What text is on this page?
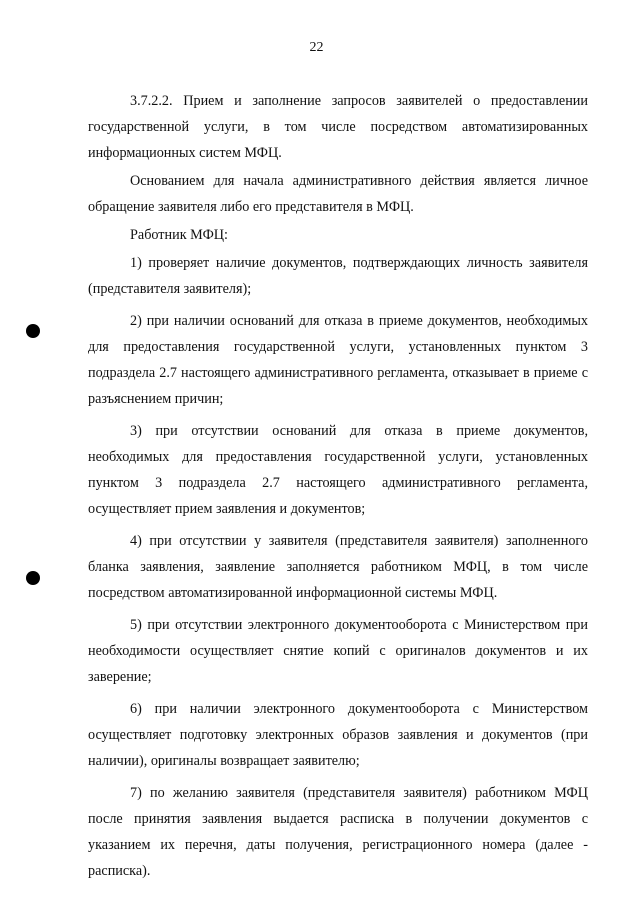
22

3.7.2.2. Прием и заполнение запросов заявителей о предоставлении государственной услуги, в том числе посредством автоматизированных информационных систем МФЦ.

Основанием для начала административного действия является личное обращение заявителя либо его представителя в МФЦ.

Работник МФЦ:

1) проверяет наличие документов, подтверждающих личность заявителя (представителя заявителя);

2) при наличии оснований для отказа в приеме документов, необходимых для предоставления государственной услуги, установленных пунктом 3 подраздела 2.7 настоящего административного регламента, отказывает в приеме с разъяснением причин;

3) при отсутствии оснований для отказа в приеме документов, необходимых для предоставления государственной услуги, установленных пунктом 3 подраздела 2.7 настоящего административного регламента, осуществляет прием заявления и документов;

4) при отсутствии у заявителя (представителя заявителя) заполненного бланка заявления, заявление заполняется работником МФЦ, в том числе посредством автоматизированной информационной системы МФЦ.

5) при отсутствии электронного документооборота с Министерством при необходимости осуществляет снятие копий с оригиналов документов и их заверение;

6) при наличии электронного документооборота с Министерством осуществляет подготовку электронных образов заявления и документов (при наличии), оригиналы возвращает заявителю;

7) по желанию заявителя (представителя заявителя) работником МФЦ после принятия заявления выдается расписка в получении документов с указанием их перечня, даты получения, регистрационного номера (далее - расписка).
